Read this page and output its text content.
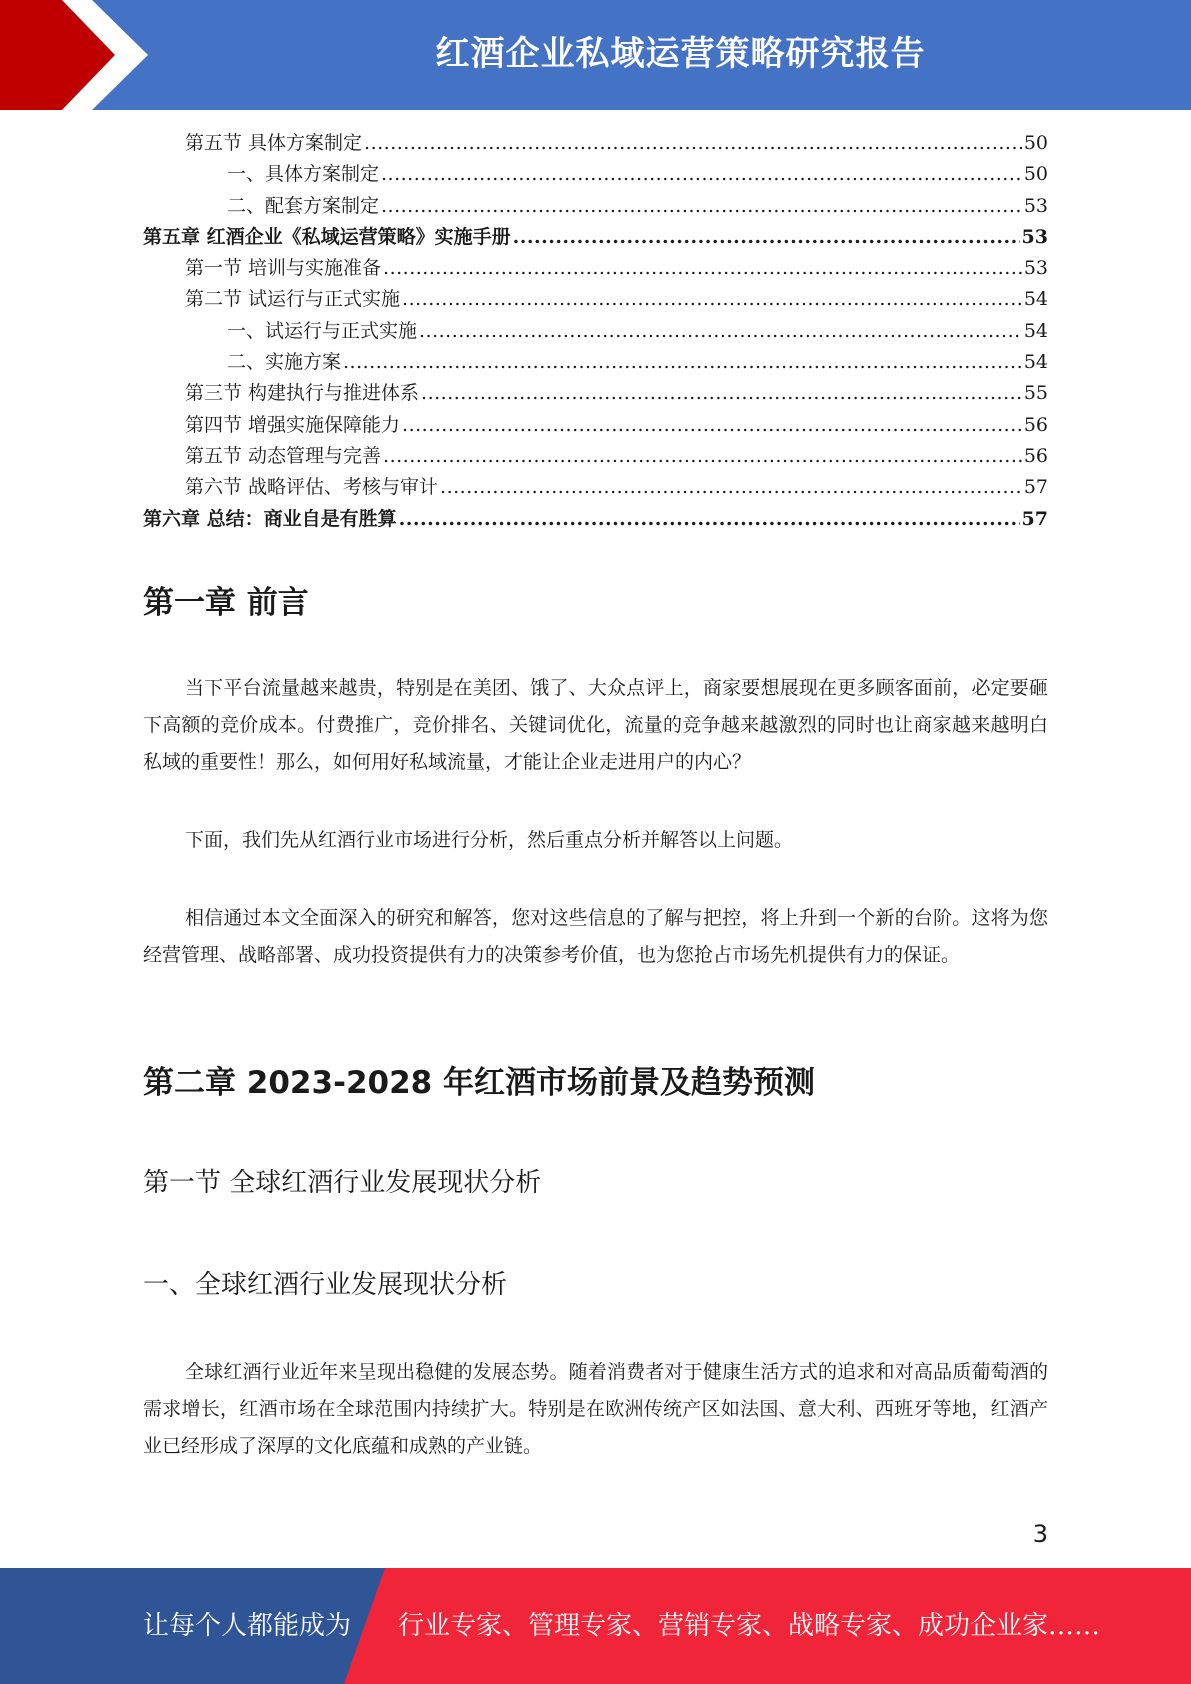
红酒企业私域运营策略研究报告
第五节 具体方案制定 .....	50
一、具体方案制定 .....	50
二、配套方案制定 .....	53
第五章 红酒企业《私域运营策略》实施手册 .....	53
第一节 培训与实施准备 .....	53
第二节 试运行与正式实施 .....	54
一、试运行与正式实施 .....	54
二、实施方案 .....	54
第三节 构建执行与推进体系 .....	55
第四节 增强实施保障能力 .....	56
第五节 动态管理与完善 .....	56
第六节 战略评估、考核与审计 .....	57
第六章 总结：商业自是有胜算 .....	57
第一章 前言

当下平台流量越来越贵，特别是在美团、饿了、大众点评上，商家要想展现在更多顾客面前，必定要砸下高额的竞价成本。付费推广，竞价排名、关键词优化，流量的竞争越来越激烈的同时也让商家越来越明白私域的重要性！那么，如何用好私域流量，才能让企业走进用户的内心？

下面，我们先从红酒行业市场进行分析，然后重点分析并解答以上问题。

相信通过本文全面深入的研究和解答，您对这些信息的了解与把控，将上升到一个新的台阶。这将为您经营管理、战略部署、成功投资提供有力的决策参考价值，也为您抢占市场先机提供有力的保证。

第二章 2023-2028 年红酒市场前景及趋势预测
第一节 全球红酒行业发展现状分析
一、全球红酒行业发展现状分析

全球红酒行业近年来呈现出稳健的发展态势。随着消费者对于健康生活方式的追求和对高品质葡萄酒的需求增长，红酒市场在全球范围内持续扩大。特别是在欧洲传统产区如法国、意大利、西班牙等地，红酒产业已经形成了深厚的文化底蕴和成熟的产业链。

3
让每个人都能成为 行业专家、管理专家、营销专家、战略专家、成功企业家……
